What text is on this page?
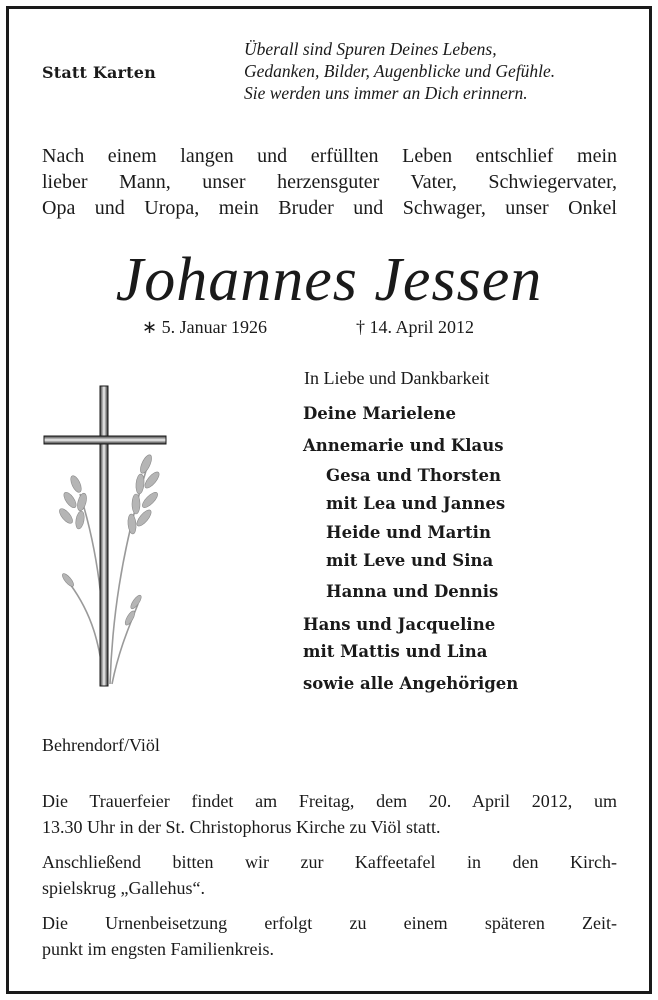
Statt Karten
Überall sind Spuren Deines Lebens,
Gedanken, Bilder, Augenblicke und Gefühle.
Sie werden uns immer an Dich erinnern.
Nach einem langen und erfüllten Leben entschlief mein
lieber Mann, unser herzensguter Vater, Schwiegervater,
Opa und Uropa, mein Bruder und Schwager, unser Onkel
Johannes Jessen
∗ 5. Januar 1926	† 14. April 2012
In Liebe und Dankbarkeit
Deine Marielene
Annemarie und Klaus
Gesa und Thorsten
mit Lea und Jannes
Heide und Martin
mit Leve und Sina
Hanna und Dennis
Hans und Jacqueline
mit Mattis und Lina
sowie alle Angehörigen
Behrendorf/Viöl
Die Trauerfeier findet am Freitag, dem 20. April 2012, um
13.30 Uhr in der St. Christophorus Kirche zu Viöl statt.
Anschließend bitten wir zur Kaffeetafel in den Kirch-
spielskrug „Gallehus“.
Die Urnenbeisetzung erfolgt zu einem späteren Zeit-
punkt im engsten Familienkreis.
